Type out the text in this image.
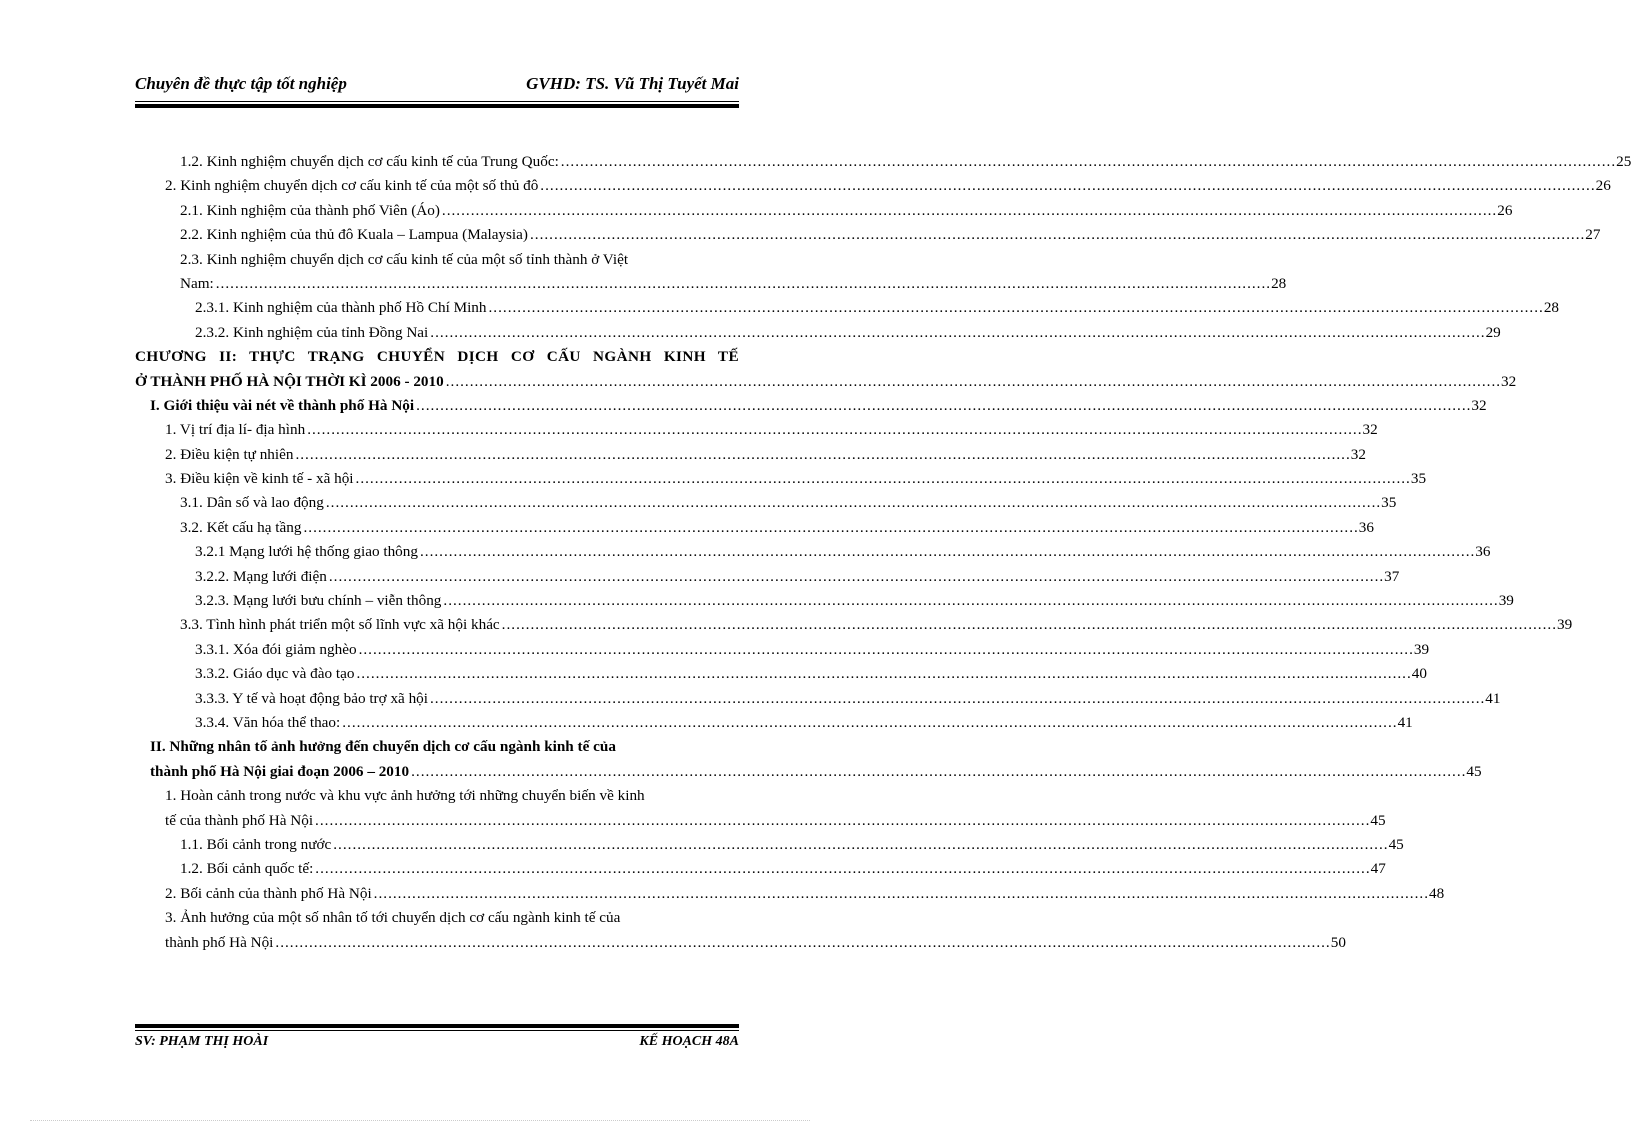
Chuyên đề thực tập tốt nghiệp	GVHD: TS. Vũ Thị Tuyết Mai
1.2. Kinh nghiệm chuyển dịch cơ cấu kinh tế của Trung Quốc: ............................................................................................................................................................................................................................ 25
2. Kinh nghiệm chuyển dịch cơ cấu kinh tế của một số thủ đô ............................................................................................................................................................................................................................ 26
2.1. Kinh nghiệm của thành phố Viên (Áo) ............................................................................................................................................................................................................................ 26
2.2. Kinh nghiệm của thủ đô Kuala – Lampua (Malaysia) ............................................................................................................................................................................................................................ 27
2.3. Kinh nghiệm chuyển dịch cơ cấu kinh tế của một số tỉnh thành ở Việt
Nam: ............................................................................................................................................................................................................................ 28
2.3.1. Kinh nghiệm của thành phố Hồ Chí Minh ............................................................................................................................................................................................................................ 28
2.3.2. Kinh nghiệm của tỉnh Đồng Nai ............................................................................................................................................................................................................................ 29
CHƯƠNG II: THỰC TRẠNG CHUYỂN DỊCH CƠ CẤU NGÀNH KINH TẾ
Ở THÀNH PHỐ HÀ NỘI THỜI KÌ 2006 - 2010 ............................................................................................................................................................................................................................ 32
I. Giới thiệu vài nét về thành phố Hà Nội ............................................................................................................................................................................................................................ 32
1. Vị trí địa lí- địa hình ............................................................................................................................................................................................................................ 32
2. Điều kiện tự nhiên ............................................................................................................................................................................................................................ 32
3. Điều kiện về kinh tế - xã hội ............................................................................................................................................................................................................................ 35
3.1. Dân số và lao động ............................................................................................................................................................................................................................ 35
3.2. Kết cấu hạ tầng ............................................................................................................................................................................................................................ 36
3.2.1 Mạng lưới hệ thống giao thông ............................................................................................................................................................................................................................ 36
3.2.2. Mạng lưới điện ............................................................................................................................................................................................................................ 37
3.2.3. Mạng lưới bưu chính – viễn thông ............................................................................................................................................................................................................................ 39
3.3. Tình hình phát triển một số lĩnh vực xã hội khác ............................................................................................................................................................................................................................ 39
3.3.1. Xóa đói giảm nghèo ............................................................................................................................................................................................................................ 39
3.3.2. Giáo dục và đào tạo ............................................................................................................................................................................................................................ 40
3.3.3. Y tế và hoạt động bảo trợ xã hội ............................................................................................................................................................................................................................ 41
3.3.4. Văn hóa thể thao: ............................................................................................................................................................................................................................ 41
II. Những nhân tố ảnh hưởng đến chuyển dịch cơ cấu ngành kinh tế của
thành phố Hà Nội giai đoạn 2006 – 2010 ............................................................................................................................................................................................................................ 45
1. Hoàn cảnh trong nước và khu vực ảnh hưởng tới những chuyển biến về kinh
tế của thành phố Hà Nội ............................................................................................................................................................................................................................ 45
1.1. Bối cảnh trong nước ............................................................................................................................................................................................................................ 45
1.2. Bối cảnh quốc tế: ............................................................................................................................................................................................................................ 47
2. Bối cảnh của thành phố Hà Nội ............................................................................................................................................................................................................................ 48
3. Ảnh hưởng của một số nhân tố tới chuyển dịch cơ cấu ngành kinh tế của
thành phố Hà Nội ............................................................................................................................................................................................................................ 50
SV: PHẠM THỊ HOÀI	KẾ HOẠCH 48A
